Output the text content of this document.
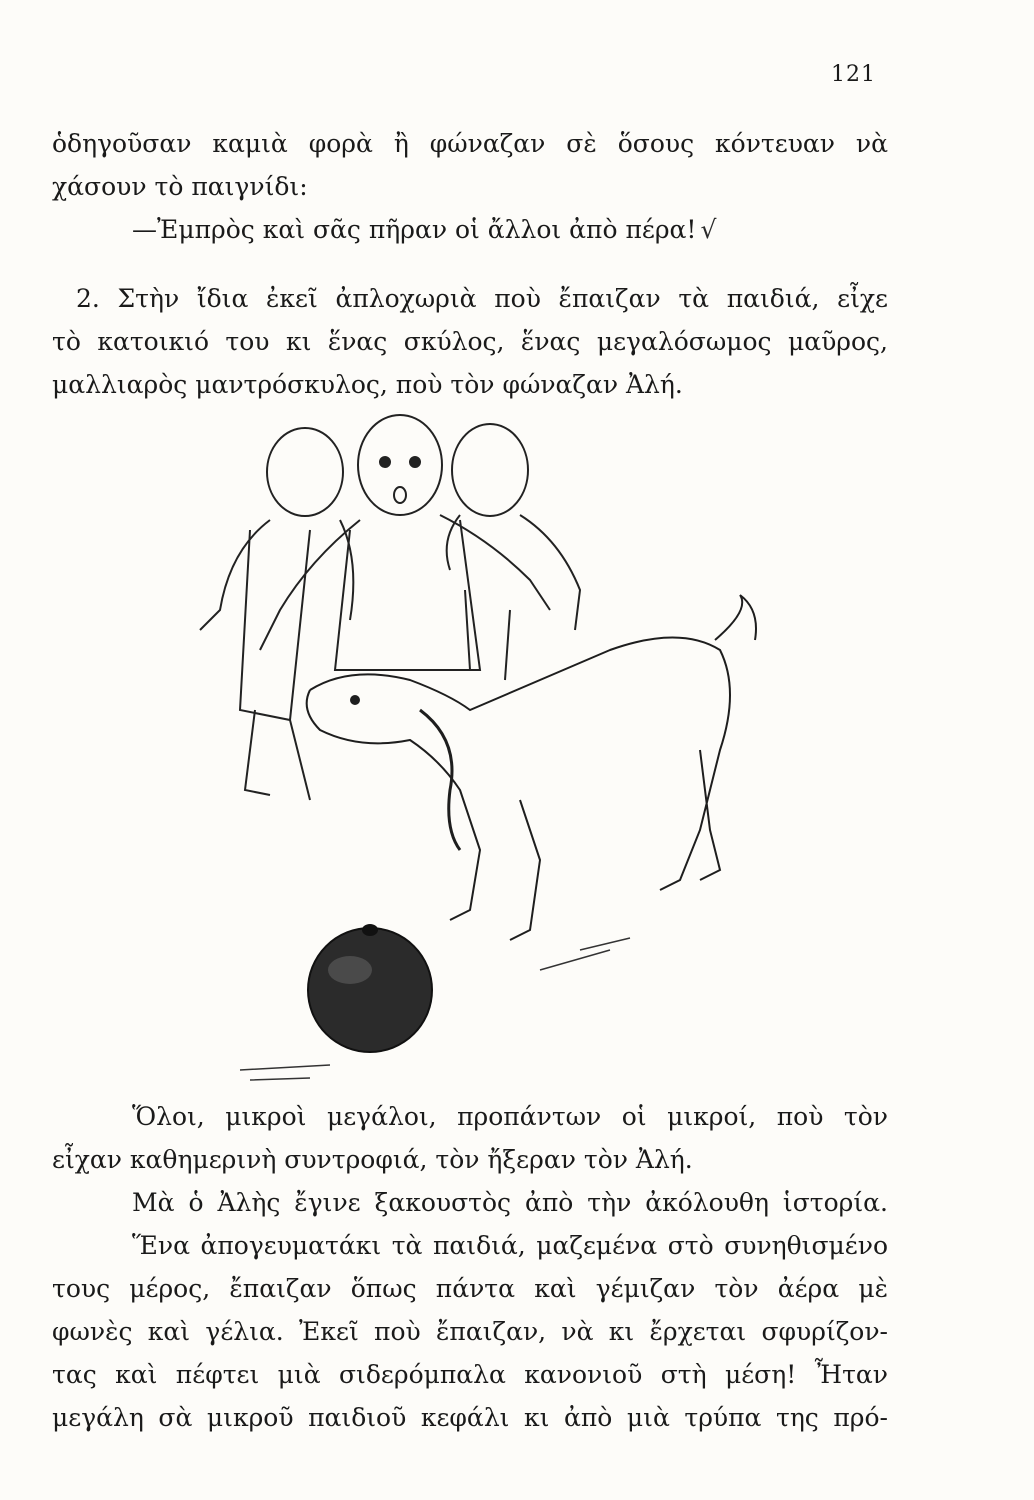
121
ὁδηγοῦσαν καμιὰ φορὰ ἢ φώναζαν σὲ ὅσους κόντευαν νὰ
χάσουν τὸ παιγνίδι:
—Ἐμπρὸς καὶ σᾶς πῆραν οἱ ἄλλοι ἀπὸ πέρα! √
2. Στὴν ἴδια ἐκεῖ ἀπλοχωριὰ ποὺ ἔπαιζαν τὰ παιδιά, εἶχε
τὸ κατοικιό του κι ἕνας σκύλος, ἕνας μεγαλόσωμος μαῦρος,
μαλλιαρὸς μαντρόσκυλος, ποὺ τὸν φώναζαν Ἀλή.
Ὅλοι, μικροὶ μεγάλοι, προπάντων οἱ μικροί, ποὺ τὸν
εἶχαν καθημερινὴ συντροφιά, τὸν ἤξεραν τὸν Ἀλή.
Μὰ ὁ Ἀλὴς ἔγινε ξακουστὸς ἀπὸ τὴν ἀκόλουθη ἱστορία.
Ἕνα ἀπογευματάκι τὰ παιδιά, μαζεμένα στὸ συνηθισμένο
τους μέρος, ἔπαιζαν ὅπως πάντα καὶ γέμιζαν τὸν ἀέρα μὲ
φωνὲς καὶ γέλια. Ἐκεῖ ποὺ ἔπαιζαν, νὰ κι ἔρχεται σφυρίζον-
τας καὶ πέφτει μιὰ σιδερόμπαλα κανονιοῦ στὴ μέση! Ἦταν
μεγάλη σὰ μικροῦ παιδιοῦ κεφάλι κι ἀπὸ μιὰ τρύπα της πρό-
